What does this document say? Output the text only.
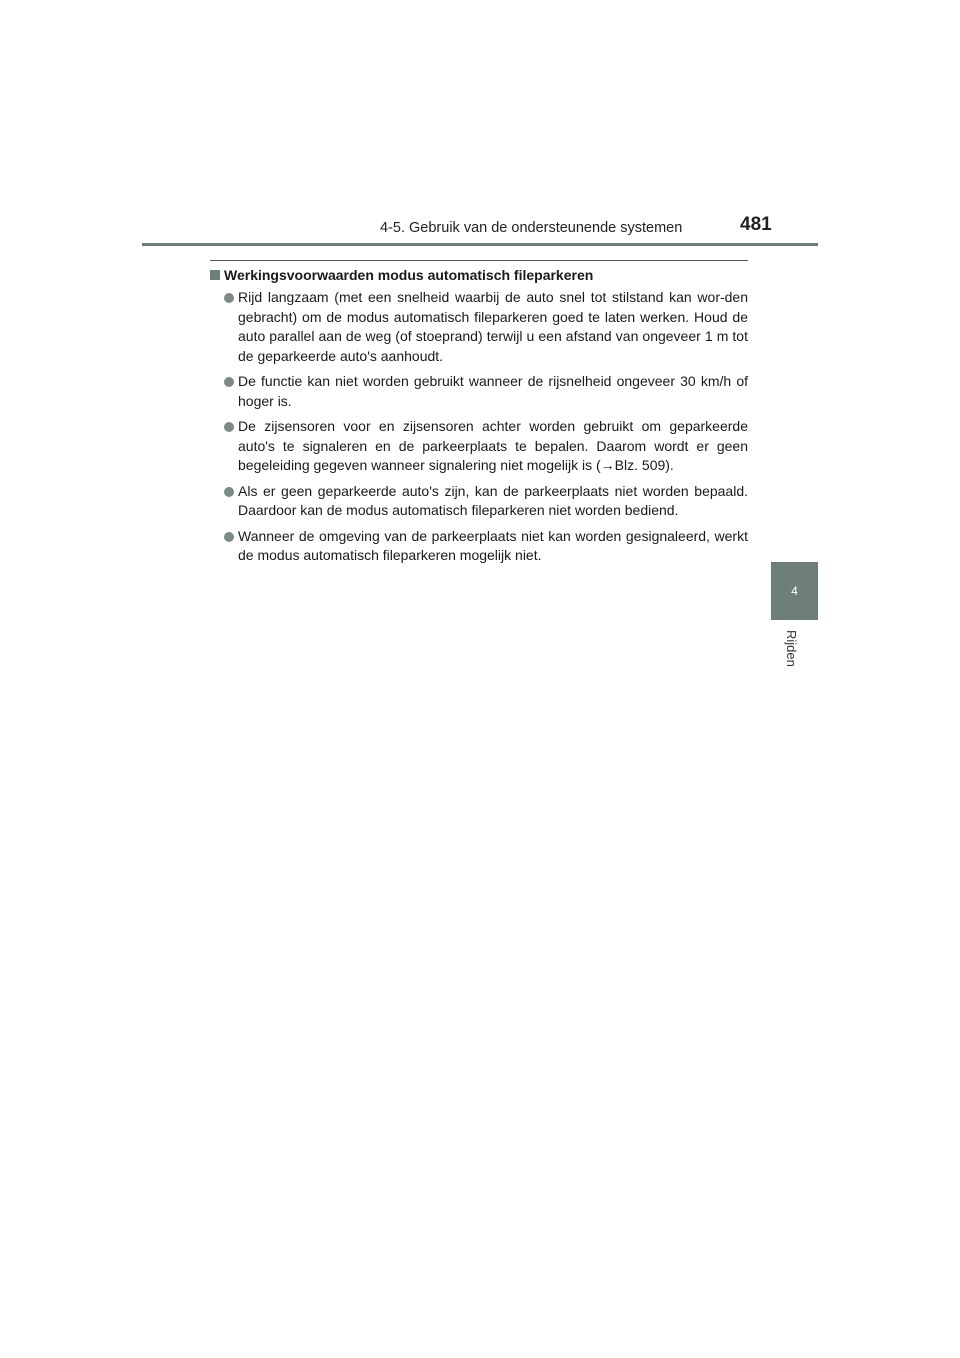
4-5. Gebruik van de ondersteunende systemen	481
4
Rijden
Werkingsvoorwaarden modus automatisch fileparkeren
Rijd langzaam (met een snelheid waarbij de auto snel tot stilstand kan wor-den gebracht) om de modus automatisch fileparkeren goed te laten werken. Houd de auto parallel aan de weg (of stoeprand) terwijl u een afstand van ongeveer 1 m tot de geparkeerde auto's aanhoudt.
De functie kan niet worden gebruikt wanneer de rijsnelheid ongeveer 30 km/h of hoger is.
De zijsensoren voor en zijsensoren achter worden gebruikt om geparkeerde auto's te signaleren en de parkeerplaats te bepalen. Daarom wordt er geen begeleiding gegeven wanneer signalering niet mogelijk is (→Blz. 509).
Als er geen geparkeerde auto's zijn, kan de parkeerplaats niet worden bepaald. Daardoor kan de modus automatisch fileparkeren niet worden bediend.
Wanneer de omgeving van de parkeerplaats niet kan worden gesignaleerd, werkt de modus automatisch fileparkeren mogelijk niet.
